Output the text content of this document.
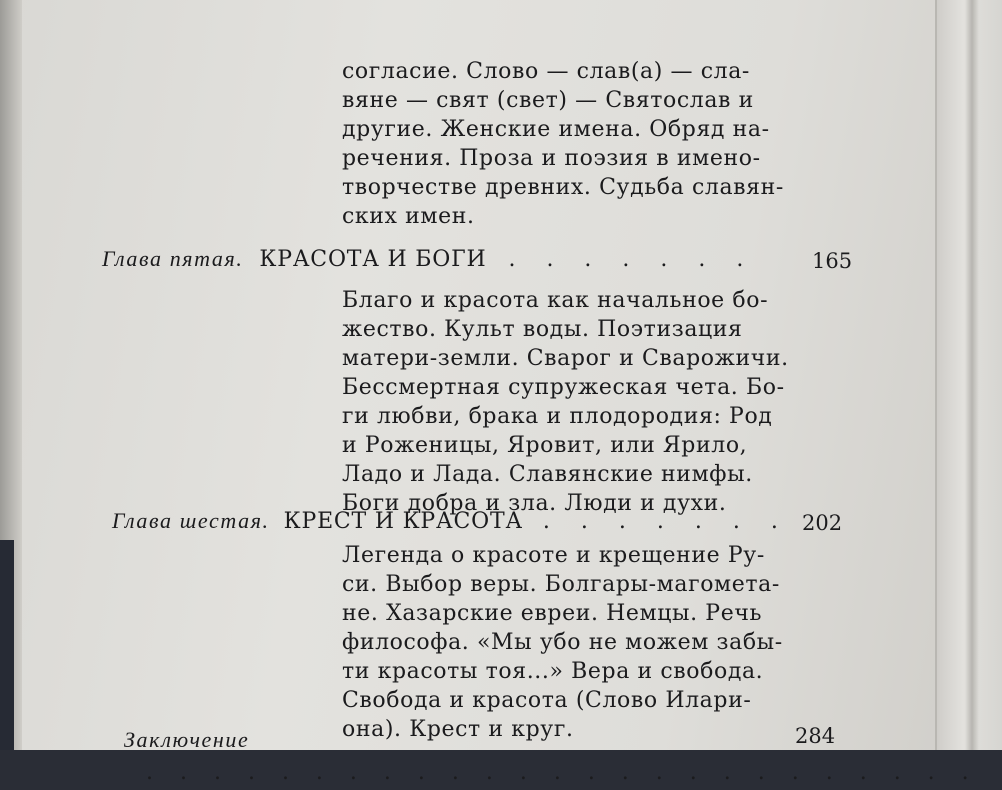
согласие. Слово — слав(а) — сла-
вяне — свят (свет) — Святослав и
другие. Женские имена. Обряд на-
речения. Проза и поэзия в имено-
творчестве древних. Судьба славян-
ских имен.
Глава пятая. КРАСОТА И БОГИ . . . . . . .	165
Благо и красота как начальное бо-
жество. Культ воды. Поэтизация
матери-земли. Сварог и Сварожичи.
Бессмертная супружеская чета. Бо-
ги любви, брака и плодородия: Род
и Роженицы, Яровит, или Ярило,
Ладо и Лада. Славянские нимфы.
Боги добра и зла. Люди и духи.
Глава шестая. КРЕСТ И КРАСОТА . . . . . . . 202
Легенда о красоте и крещение Ру-
си. Выбор веры. Болгары-магомета-
не. Хазарские евреи. Немцы. Речь
философа. «Мы убо не можем забы-
ти красоты тоя...» Вера и свобода.
Свобода и красота (Слово Илари-
она). Крест и круг.
Заключение . . . . . . . . . . . . . . . . . . . . . . . . .
284
